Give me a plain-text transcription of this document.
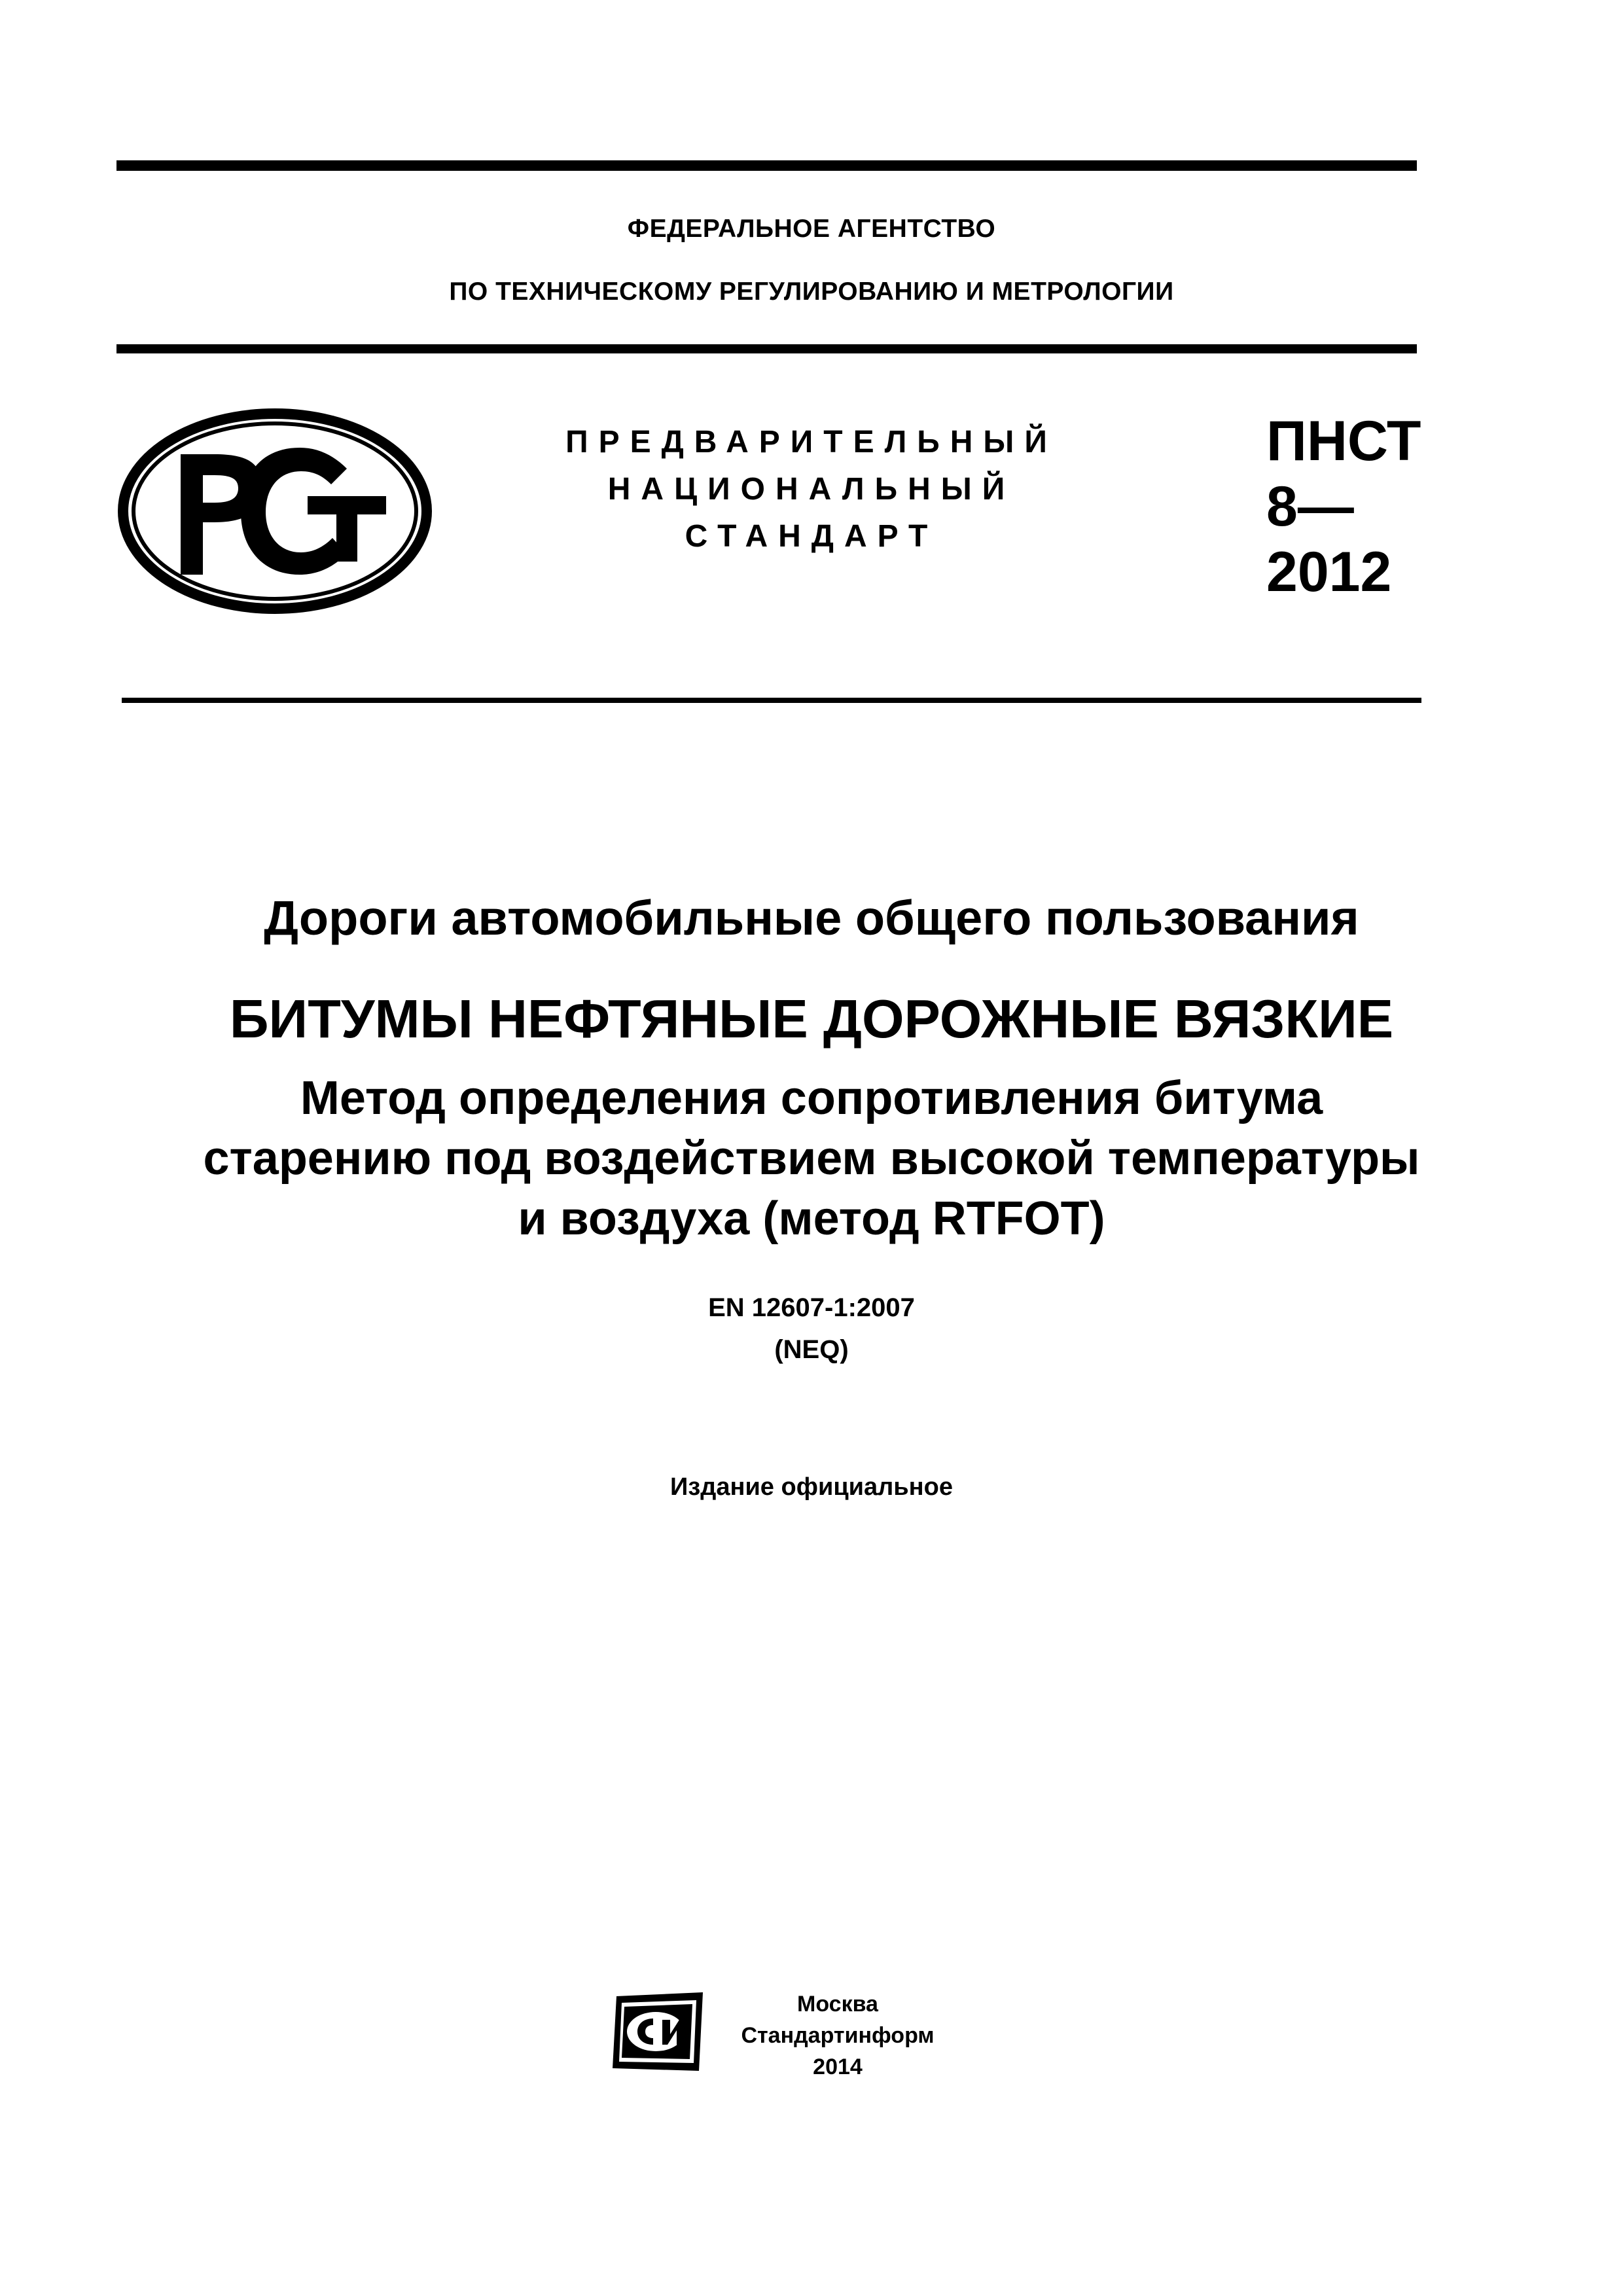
ФЕДЕРАЛЬНОЕ АГЕНТСТВО
ПО ТЕХНИЧЕСКОМУ РЕГУЛИРОВАНИЮ И МЕТРОЛОГИИ
ПРЕДВАРИТЕЛЬНЫЙ
НАЦИОНАЛЬНЫЙ
СТАНДАРТ
ПНСТ
8—
2012
Дороги автомобильные общего пользования
БИТУМЫ НЕФТЯНЫЕ ДОРОЖНЫЕ ВЯЗКИЕ
Метод определения сопротивления битума
старению под воздействием высокой температуры
и воздуха (метод RTFOT)
EN 12607-1:2007
(NEQ)
Издание официальное
Москва
Стандартинформ
2014
